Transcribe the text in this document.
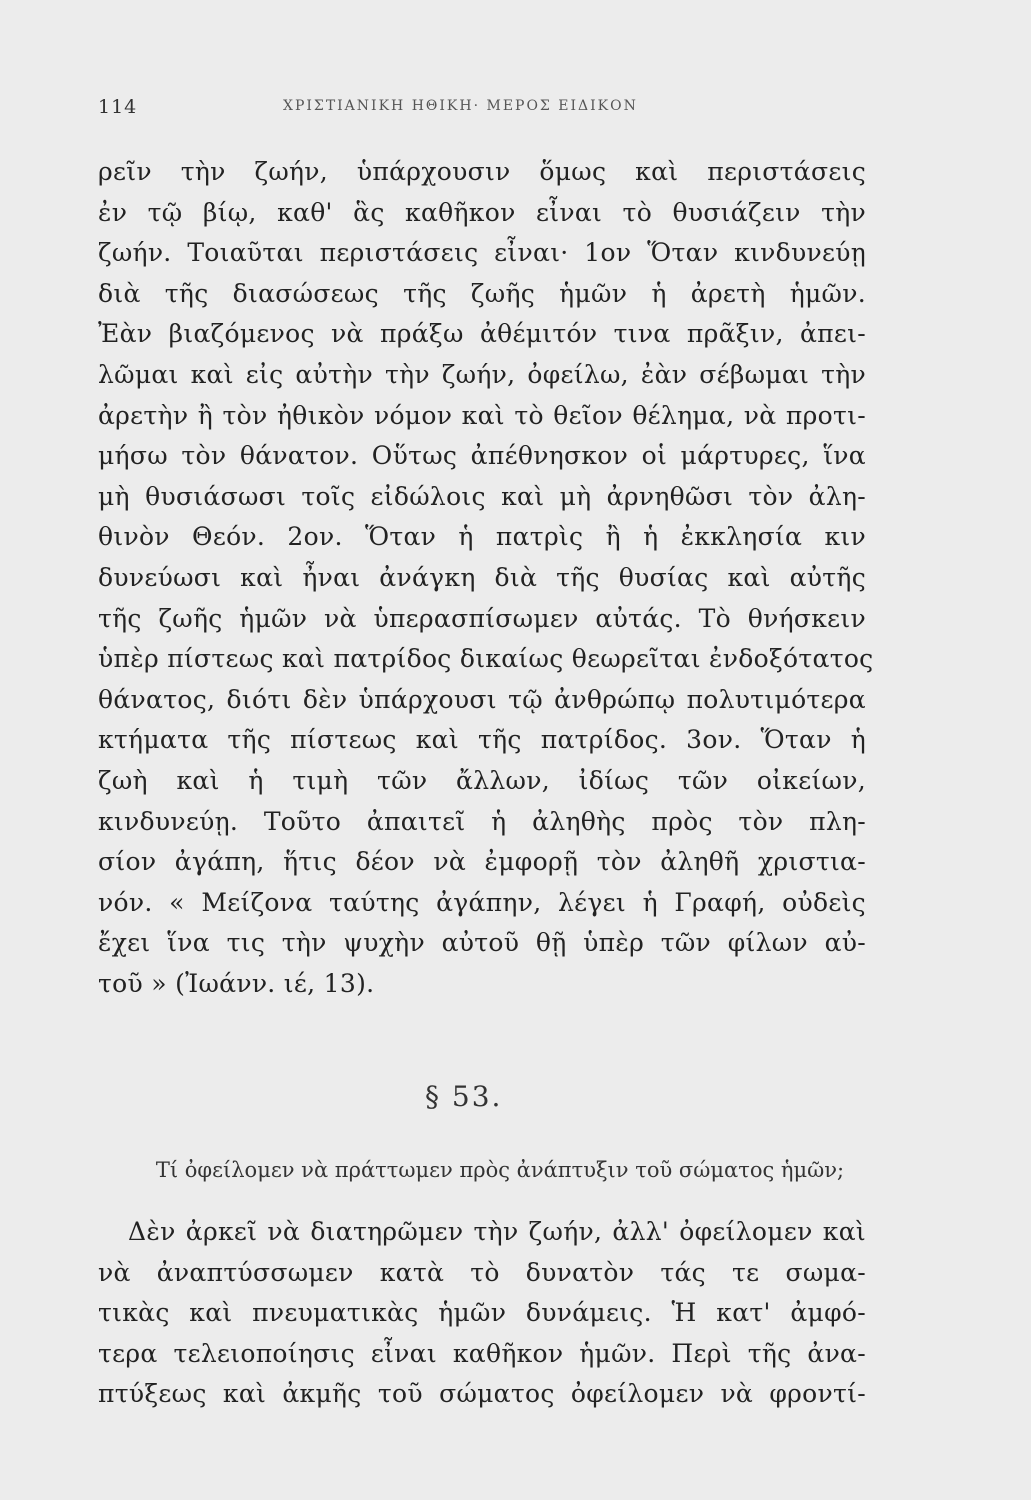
114	ΧΡΙΣΤΙΑΝΙΚΗ ΗΘΙΚΗ· ΜΕΡΟΣ ΕΙΔΙΚΟΝ
ρεῖν τὴν ζωήν, ὑπάρχουσιν ὅμως καὶ περιστάσεις
ἐν τῷ βίῳ, καθ' ἃς καθῆκον εἶναι τὸ θυσιάζειν τὴν
ζωήν. Τοιαῦται περιστάσεις εἶναι· 1ον Ὅταν κινδυνεύῃ
διὰ τῆς διασώσεως τῆς ζωῆς ἡμῶν ἡ ἀρετὴ ἡμῶν.
Ἐὰν βιαζόμενος νὰ πράξω ἀθέμιτόν τινα πρᾶξιν, ἀπει-
λῶμαι καὶ εἰς αὐτὴν τὴν ζωήν, ὀφείλω, ἐὰν σέβωμαι τὴν
ἀρετὴν ἢ τὸν ἠθικὸν νόμον καὶ τὸ θεῖον θέλημα, νὰ προτι-
μήσω τὸν θάνατον. Οὕτως ἀπέθνησκον οἱ μάρτυρες, ἵνα
μὴ θυσιάσωσι τοῖς εἰδώλοις καὶ μὴ ἀρνηθῶσι τὸν ἀλη-
θινὸν Θεόν. 2ον. Ὅταν ἡ πατρὶς ἢ ἡ ἐκκλησία κιν
δυνεύωσι καὶ ἦναι ἀνάγκη διὰ τῆς θυσίας καὶ αὐτῆς
τῆς ζωῆς ἡμῶν νὰ ὑπερασπίσωμεν αὐτάς. Τὸ θνήσκειν
ὑπὲρ πίστεως καὶ πατρίδος δικαίως θεωρεῖται ἐνδοξότατος
θάνατος, διότι δὲν ὑπάρχουσι τῷ ἀνθρώπῳ πολυτιμότερα
κτήματα τῆς πίστεως καὶ τῆς πατρίδος. 3ον. Ὅταν ἡ
ζωὴ καὶ ἡ τιμὴ τῶν ἄλλων, ἰδίως τῶν οἰκείων,
κινδυνεύῃ. Τοῦτο ἀπαιτεῖ ἡ ἀληθὴς πρὸς τὸν πλη-
σίον ἀγάπη, ἥτις δέον νὰ ἐμφορῇ τὸν ἀληθῆ χριστια-
νόν. « Μείζονα ταύτης ἀγάπην, λέγει ἡ Γραφή, οὐδεὶς
ἔχει ἵνα τις τὴν ψυχὴν αὐτοῦ θῇ ὑπὲρ τῶν φίλων αὐ-
τοῦ » (Ἰωάνν. ιέ, 13).
§ 53.
Τί ὀφείλομεν νὰ πράττωμεν πρὸς ἀνάπτυξιν τοῦ σώματος ἡμῶν;
Δὲν ἀρκεῖ νὰ διατηρῶμεν τὴν ζωήν, ἀλλ' ὀφείλομεν καὶ
νὰ ἀναπτύσσωμεν κατὰ τὸ δυνατὸν τάς τε σωμα-
τικὰς καὶ πνευματικὰς ἡμῶν δυνάμεις. Ἡ κατ' ἀμφό-
τερα τελειοποίησις εἶναι καθῆκον ἡμῶν. Περὶ τῆς ἀνα-
πτύξεως καὶ ἀκμῆς τοῦ σώματος ὀφείλομεν νὰ φροντί-
